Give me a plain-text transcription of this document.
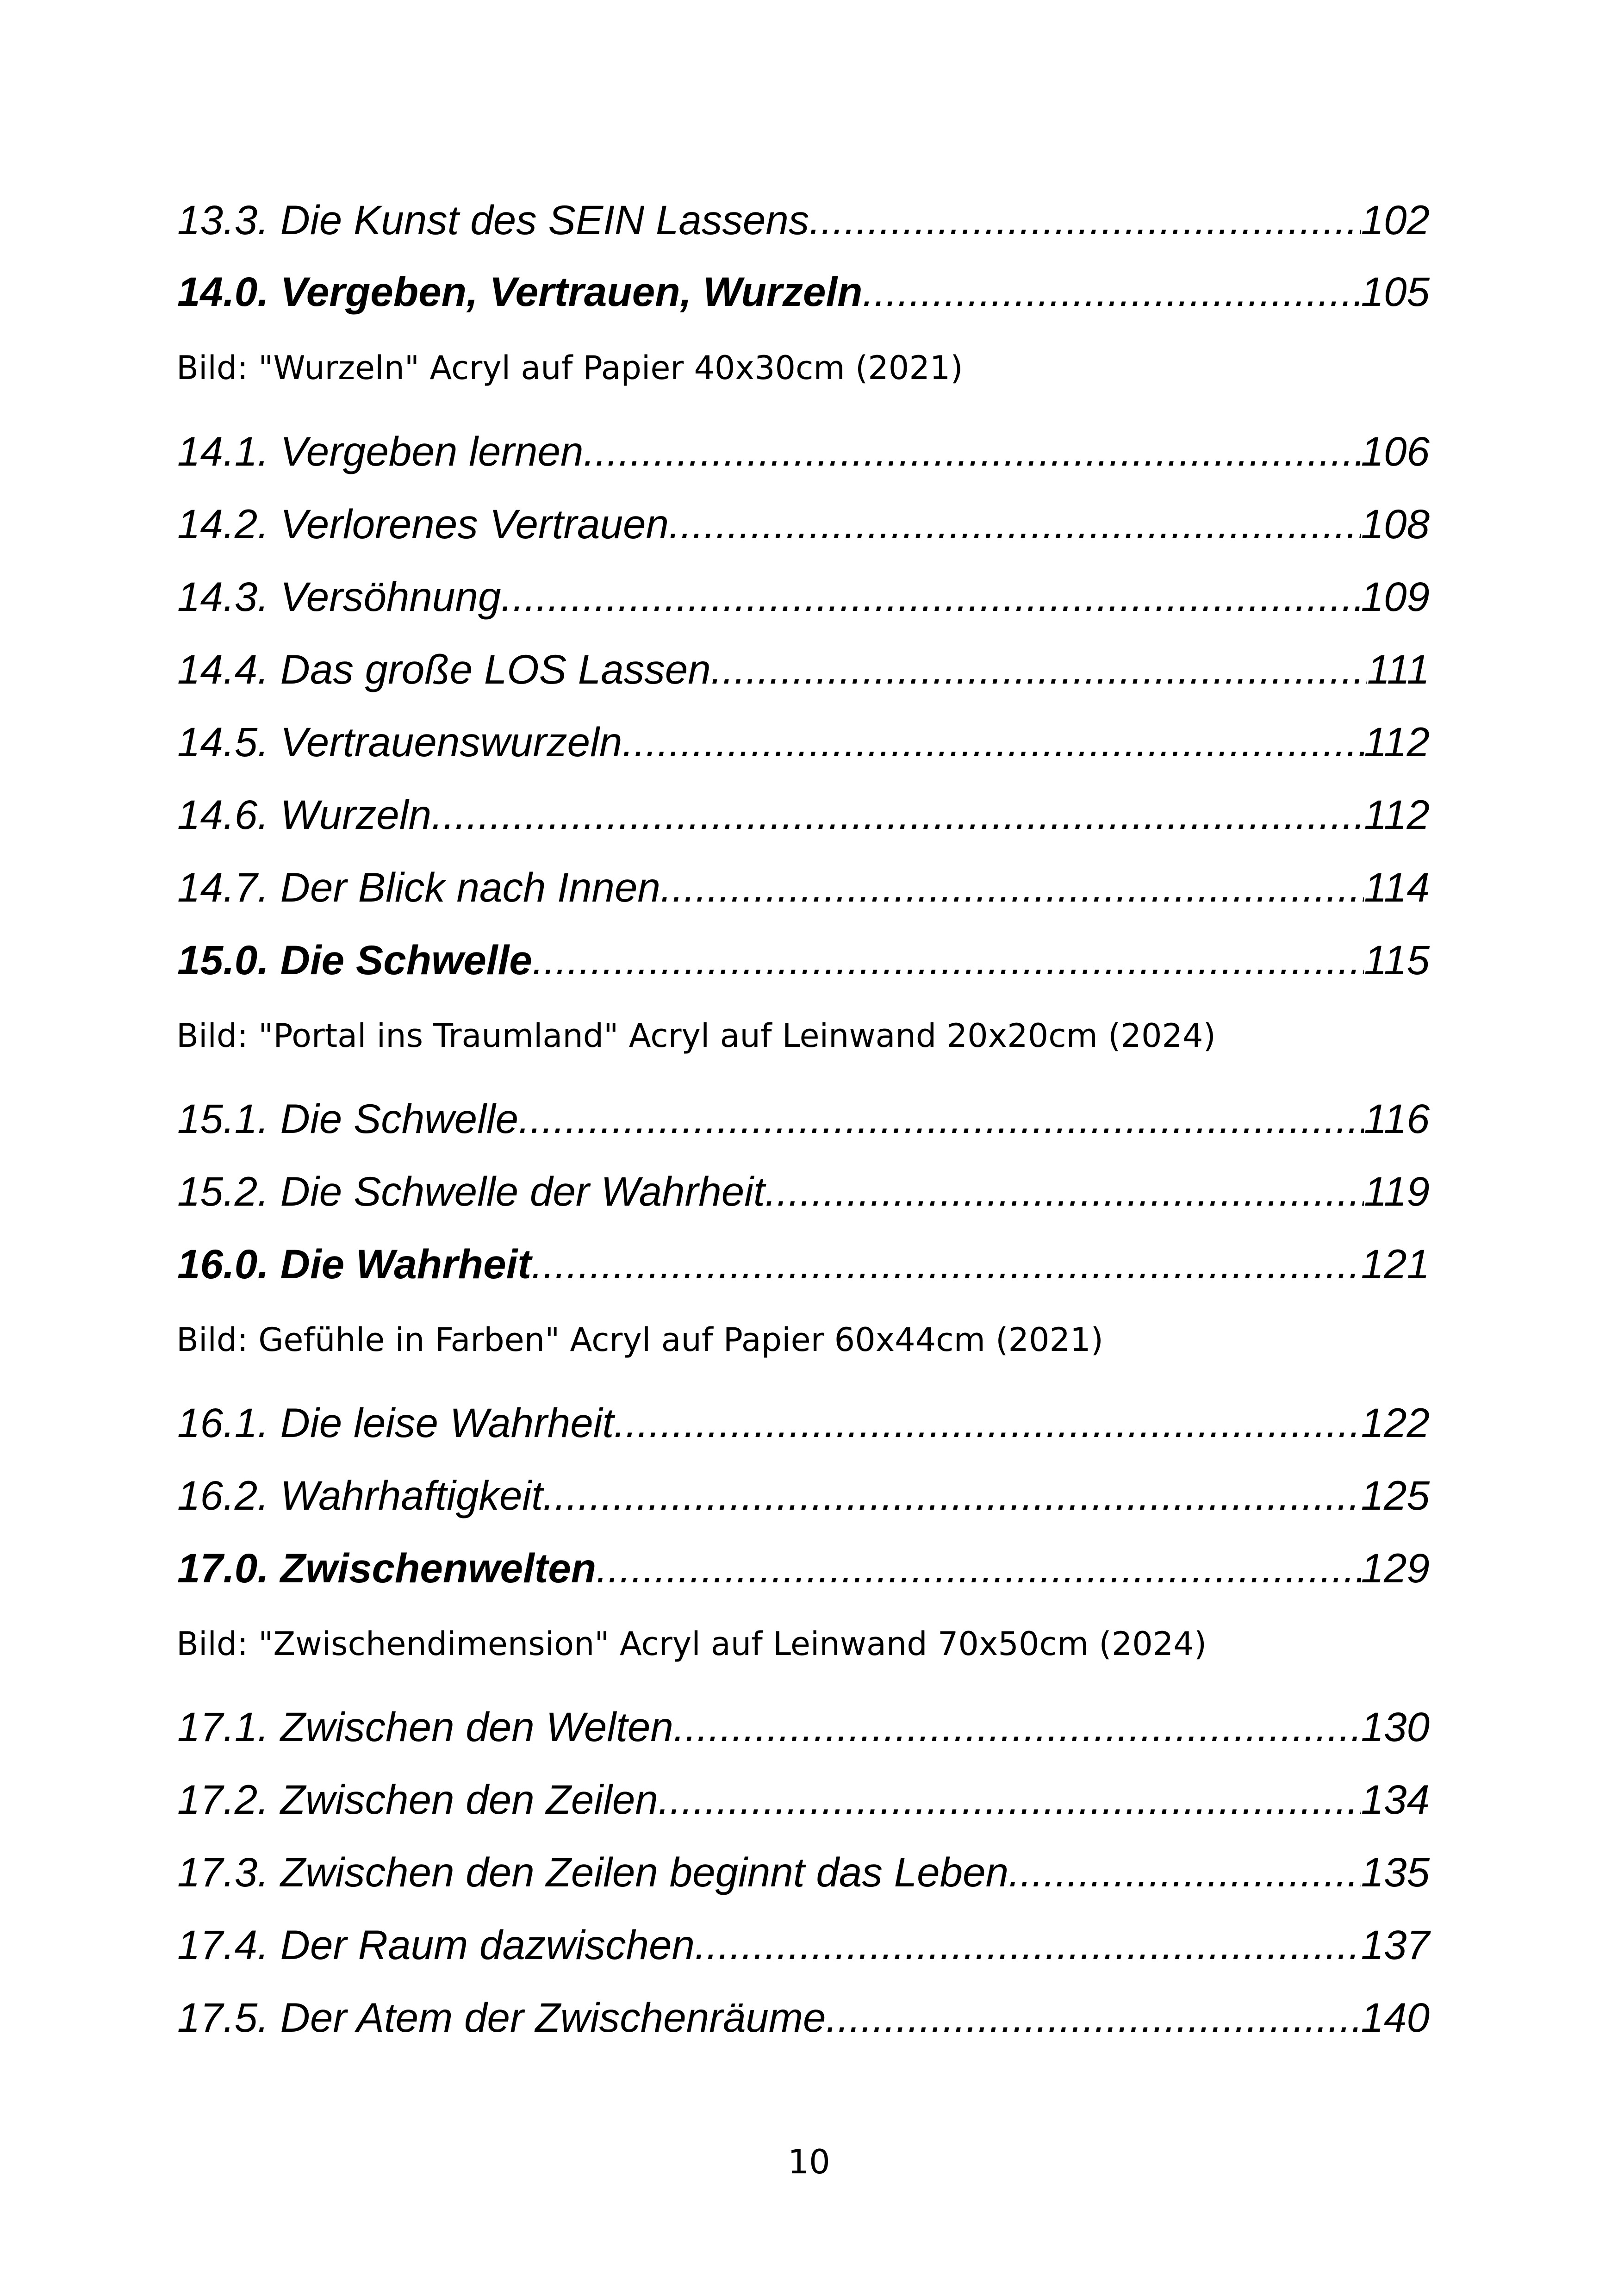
13.3. Die Kunst des SEIN Lassens .....	102
14.0. Vergeben, Vertrauen, Wurzeln .....	105
Bild: "Wurzeln" Acryl auf Papier 40x30cm (2021)
14.1. Vergeben lernen .....	106
14.2. Verlorenes Vertrauen .....	108
14.3. Versöhnung .....	109
14.4. Das große LOS Lassen .....	111
14.5. Vertrauenswurzeln .....	112
14.6. Wurzeln .....	112
14.7. Der Blick nach Innen .....	114
15.0. Die Schwelle .....	115
Bild: "Portal ins Traumland" Acryl auf Leinwand 20x20cm (2024)
15.1. Die Schwelle .....	116
15.2. Die Schwelle der Wahrheit .....	119
16.0. Die Wahrheit .....	121
Bild: Gefühle in Farben" Acryl auf Papier 60x44cm (2021)
16.1. Die leise Wahrheit .....	122
16.2. Wahrhaftigkeit .....	125
17.0. Zwischenwelten .....	129
Bild: "Zwischendimension" Acryl auf Leinwand 70x50cm (2024)
17.1. Zwischen den Welten .....	130
17.2. Zwischen den Zeilen .....	134
17.3. Zwischen den Zeilen beginnt das Leben .....	135
17.4. Der Raum dazwischen .....	137
17.5. Der Atem der Zwischenräume .....	140
10
